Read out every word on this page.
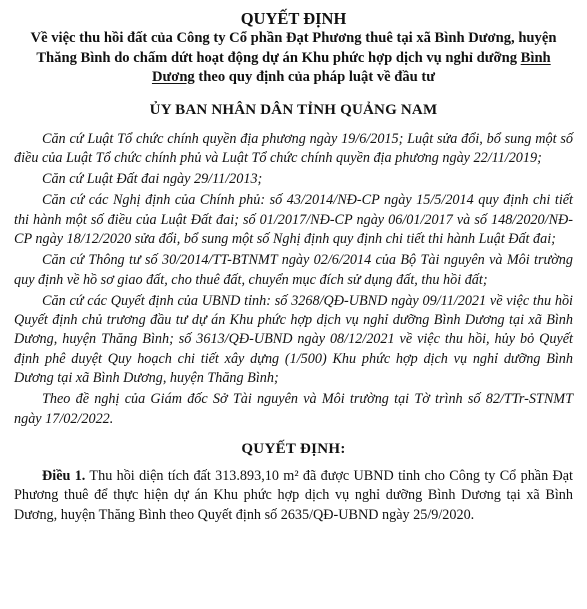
QUYẾT ĐỊNH

Về việc thu hồi đất của Công ty Cổ phần Đạt Phương thuê tại xã Bình Dương, huyện Thăng Bình do chấm dứt hoạt động dự án Khu phức hợp dịch vụ nghỉ dưỡng Bình Dương theo quy định của pháp luật về đầu tư

ỦY BAN NHÂN DÂN TỈNH QUẢNG NAM

Căn cứ Luật Tổ chức chính quyền địa phương ngày 19/6/2015; Luật sửa đổi, bổ sung một số điều của Luật Tổ chức chính phủ và Luật Tổ chức chính quyền địa phương ngày 22/11/2019;

Căn cứ Luật Đất đai ngày 29/11/2013;

Căn cứ các Nghị định của Chính phủ: số 43/2014/NĐ-CP ngày 15/5/2014 quy định chi tiết thi hành một số điều của Luật Đất đai; số 01/2017/NĐ-CP ngày 06/01/2017 và số 148/2020/NĐ-CP ngày 18/12/2020 sửa đổi, bổ sung một số Nghị định quy định chi tiết thi hành Luật Đất đai;

Căn cứ Thông tư số 30/2014/TT-BTNMT ngày 02/6/2014 của Bộ Tài nguyên và Môi trường quy định về hồ sơ giao đất, cho thuê đất, chuyển mục đích sử dụng đất, thu hồi đất;

Căn cứ các Quyết định của UBND tỉnh: số 3268/QĐ-UBND ngày 09/11/2021 về việc thu hồi Quyết định chủ trương đầu tư dự án Khu phức hợp dịch vụ nghỉ dưỡng Bình Dương tại xã Bình Dương, huyện Thăng Bình; số 3613/QĐ-UBND ngày 08/12/2021 về việc thu hồi, hủy bỏ Quyết định phê duyệt Quy hoạch chi tiết xây dựng (1/500) Khu phức hợp dịch vụ nghỉ dưỡng Bình Dương tại xã Bình Dương, huyện Thăng Bình;

Theo đề nghị của Giám đốc Sở Tài nguyên và Môi trường tại Tờ trình số 82/TTr-STNMT ngày 17/02/2022.

QUYẾT ĐỊNH:

Điều 1. Thu hồi diện tích đất 313.893,10 m² đã được UBND tỉnh cho Công ty Cổ phần Đạt Phương thuê để thực hiện dự án Khu phức hợp dịch vụ nghỉ dưỡng Bình Dương tại xã Bình Dương, huyện Thăng Bình theo Quyết định số 2635/QĐ-UBND ngày 25/9/2020.
